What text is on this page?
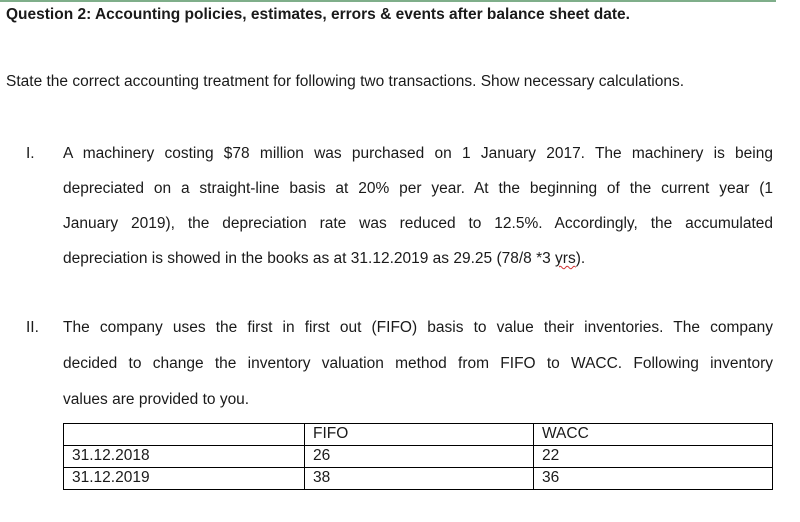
Question 2: Accounting policies, estimates, errors & events after balance sheet date.
State the correct accounting treatment for following two transactions. Show necessary calculations.
I. A machinery costing $78 million was purchased on 1 January 2017. The machinery is being
depreciated on a straight-line basis at 20% per year. At the beginning of the current year (1
January 2019), the depreciation rate was reduced to 12.5%. Accordingly, the accumulated
depreciation is showed in the books as at 31.12.2019 as 29.25 (78/8 *3 yrs).
II. The company uses the first in first out (FIFO) basis to value their inventories. The company
decided to change the inventory valuation method from FIFO to WACC. Following inventory
values are provided to you.
	FIFO	WACC
31.12.2018	26	22
31.12.2019	38	36
